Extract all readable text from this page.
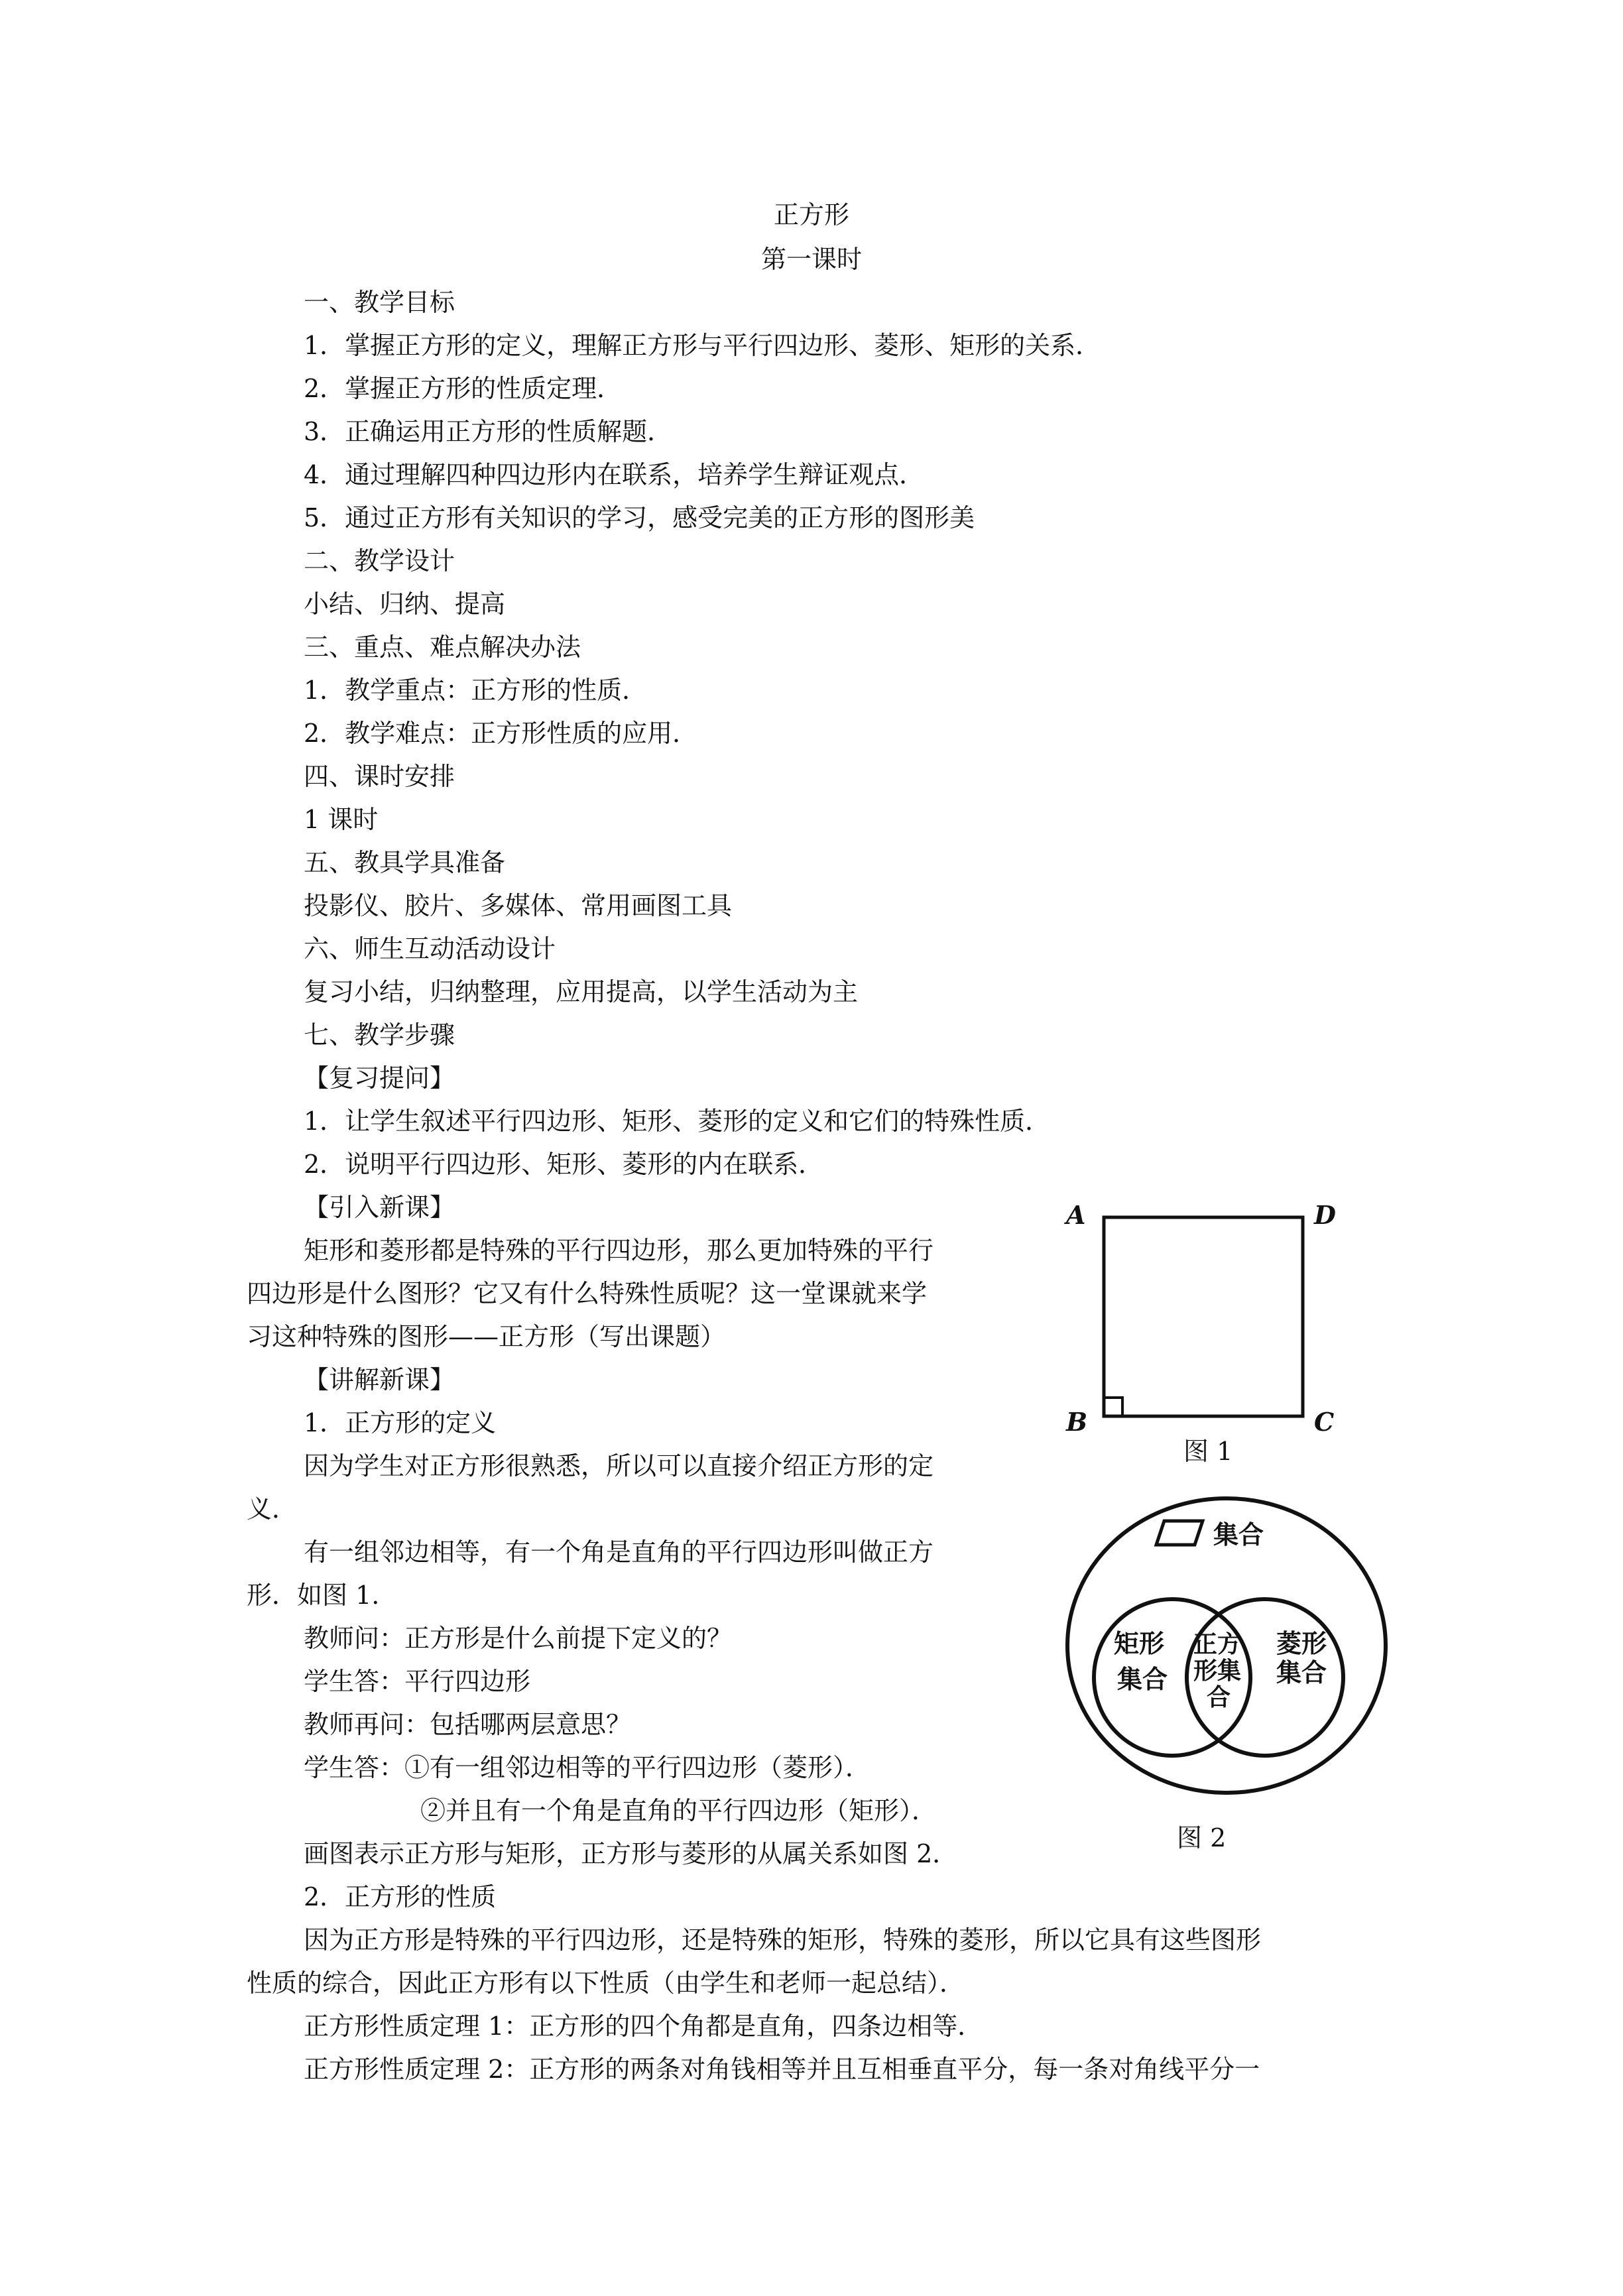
正方形
第一课时
一、教学目标
1．掌握正方形的定义，理解正方形与平行四边形、菱形、矩形的关系．
2．掌握正方形的性质定理．
3．正确运用正方形的性质解题．
4．通过理解四种四边形内在联系，培养学生辩证观点．
5．通过正方形有关知识的学习，感受完美的正方形的图形美
二、教学设计
小结、归纳、提高
三、重点、难点解决办法
1．教学重点：正方形的性质．
2．教学难点：正方形性质的应用．
四、课时安排
1 课时
五、教具学具准备
投影仪、胶片、多媒体、常用画图工具
六、师生互动活动设计
复习小结，归纳整理，应用提高，以学生活动为主
七、教学步骤
【复习提问】
1．让学生叙述平行四边形、矩形、菱形的定义和它们的特殊性质．
2．说明平行四边形、矩形、菱形的内在联系．
【引入新课】
矩形和菱形都是特殊的平行四边形，那么更加特殊的平行
四边形是什么图形？它又有什么特殊性质呢？这一堂课就来学
习这种特殊的图形——正方形（写出课题）
【讲解新课】
1．正方形的定义
因为学生对正方形很熟悉，所以可以直接介绍正方形的定
义．
有一组邻边相等，有一个角是直角的平行四边形叫做正方
形．如图 1.
教师问：正方形是什么前提下定义的？
学生答：平行四边形
教师再问：包括哪两层意思？
学生答：①有一组邻边相等的平行四边形（菱形）．
②并且有一个角是直角的平行四边形（矩形）．
画图表示正方形与矩形，正方形与菱形的从属关系如图 2．
2．正方形的性质
因为正方形是特殊的平行四边形，还是特殊的矩形，特殊的菱形，所以它具有这些图形
性质的综合，因此正方形有以下性质（由学生和老师一起总结）．
正方形性质定理 1：正方形的四个角都是直角，四条边相等．
正方形性质定理 2：正方形的两条对角钱相等并且互相垂直平分，每一条对角线平分一
A	D
B	C
图 1
集合
矩形
集合
菱形
集合
正方
形集
合
图 2
